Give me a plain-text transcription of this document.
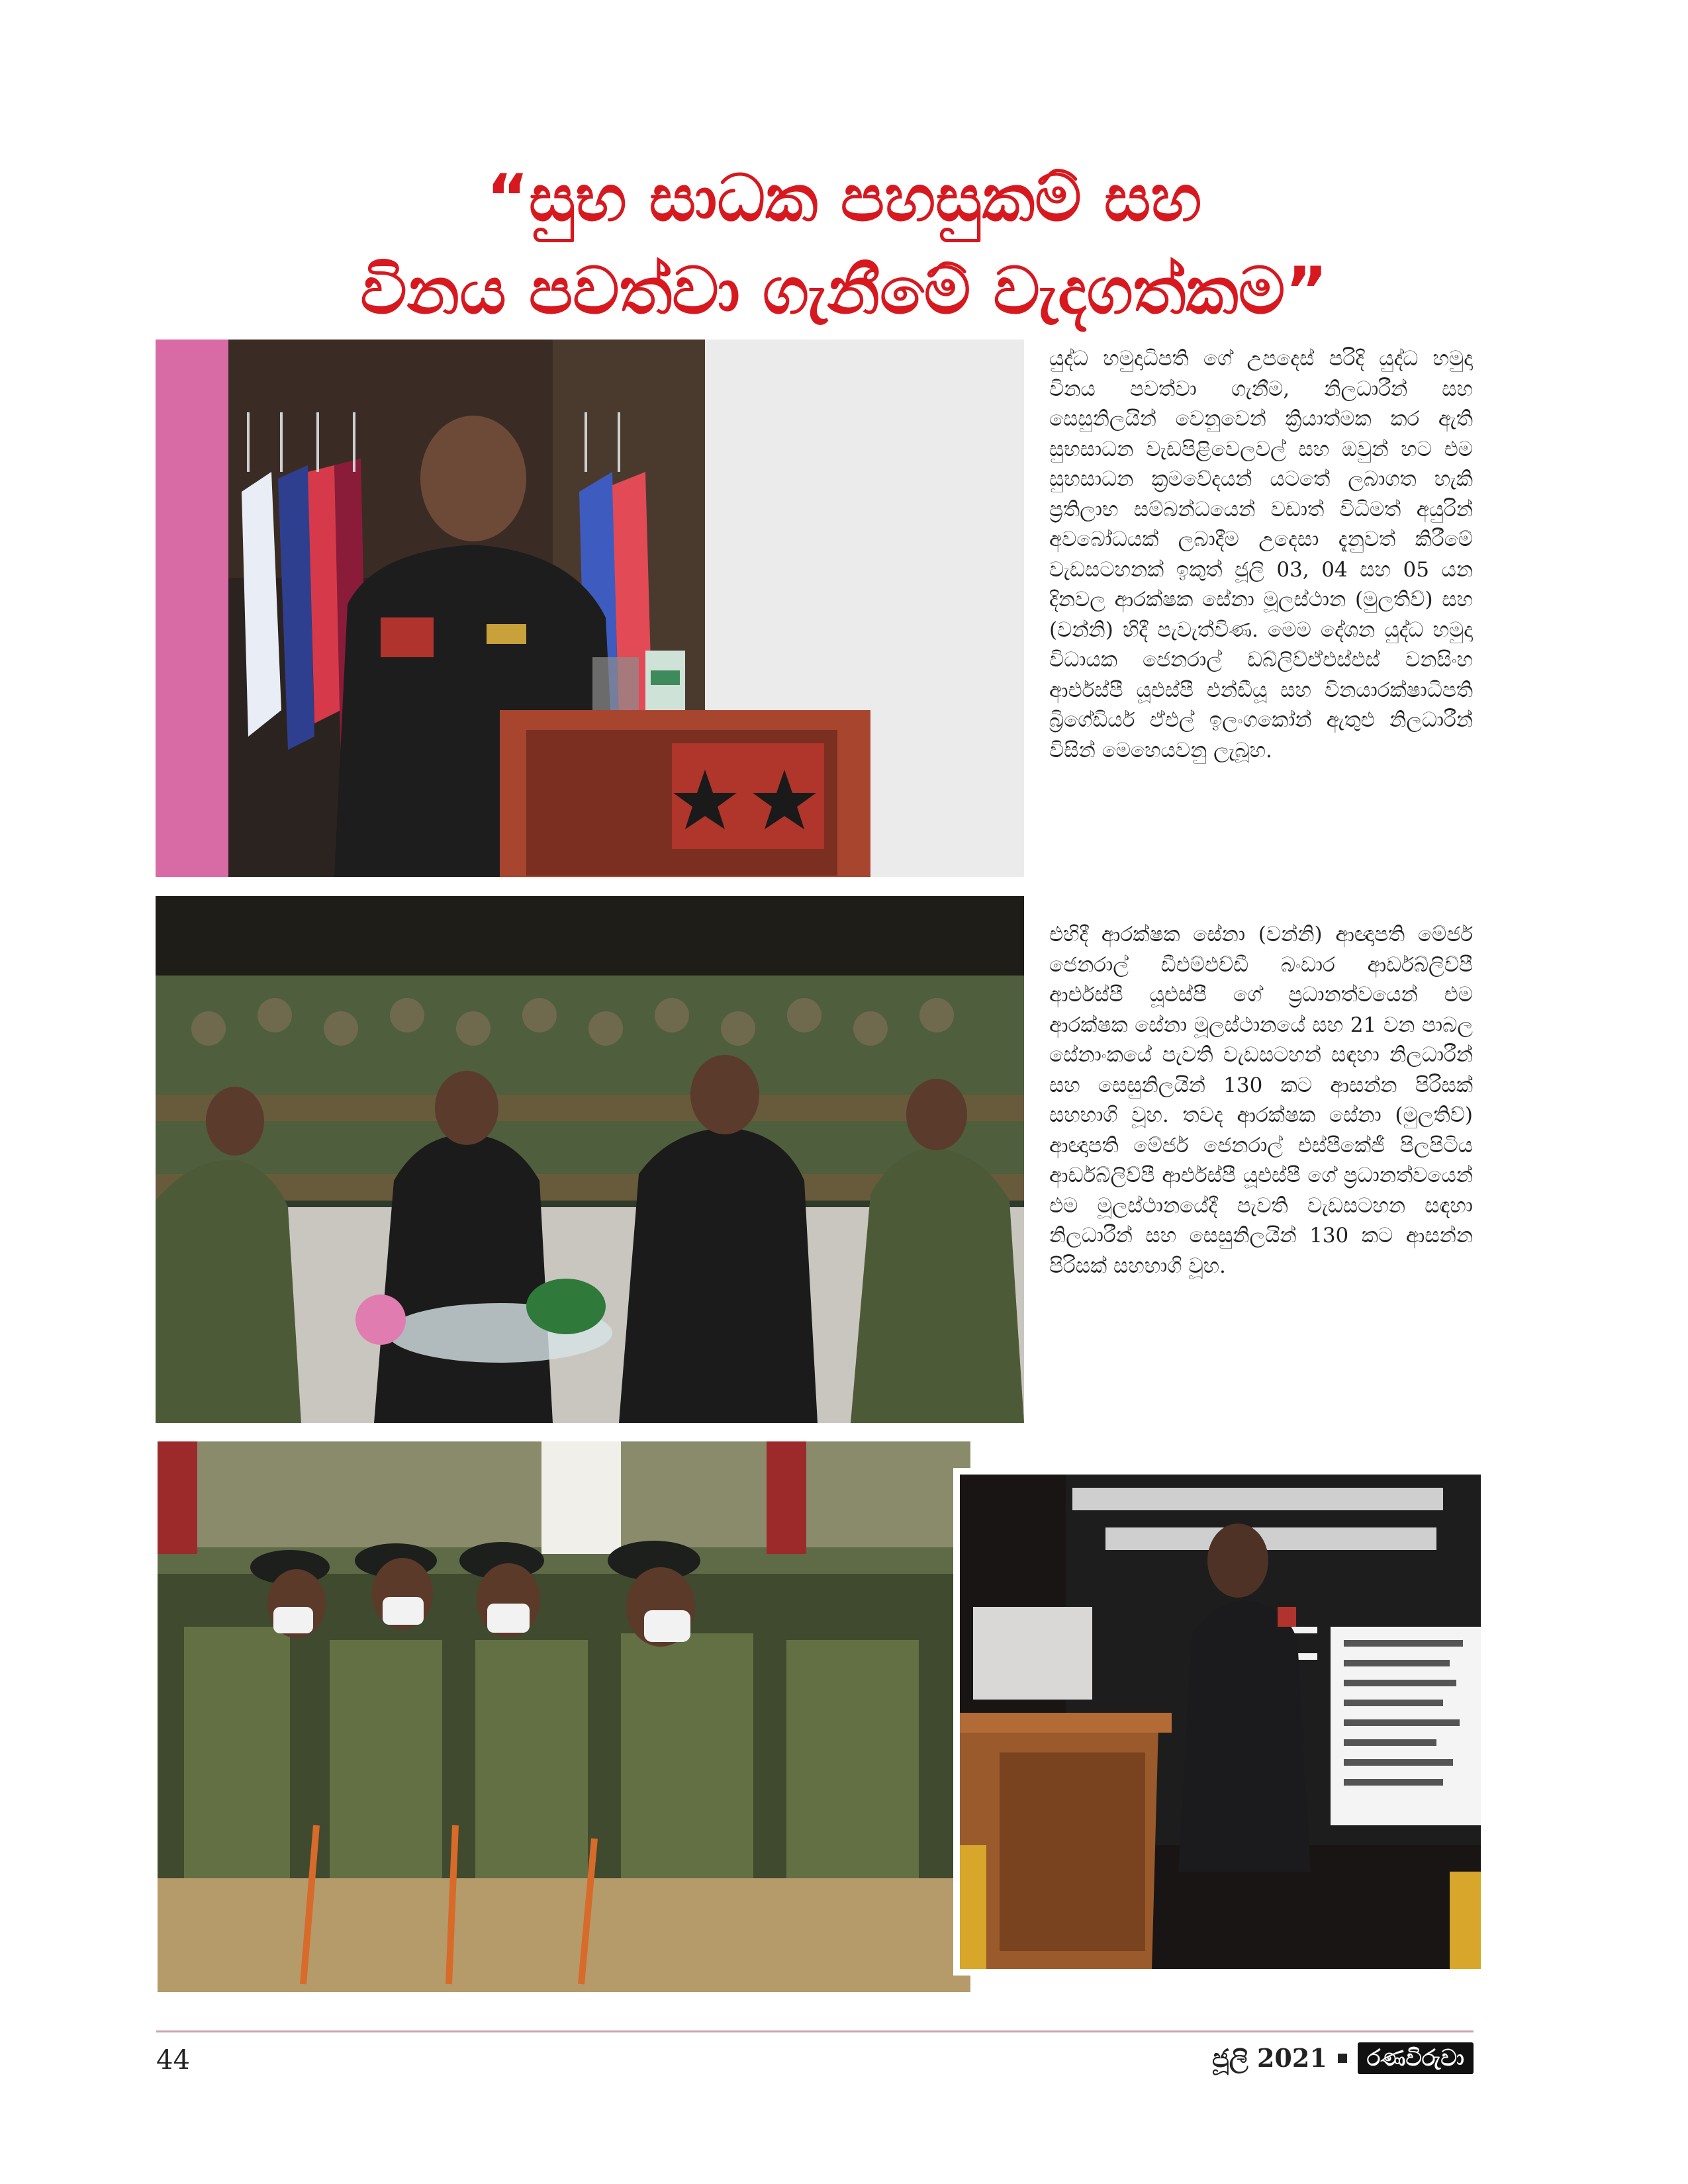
“සුභ සාධක පහසුකම් සහ
විනය පවත්වා ගැනීමේ වැදගත්කම”
යුද්ධ හමුදාධිපති ගේ උපදෙස් පරිදි යුද්ධ හමුදා විනය පවත්වා ගැනීම, නිලධාරීන් සහ සෙසුනිලයින් වෙනුවෙන් ක්‍රියාත්මක කර ඇති සුභසාධන වැඩපිළිවෙලවල් සහ ඔවුන් හට එම සුභසාධන ක්‍රමවේදයන් යටතේ ලබාගත හැකි ප්‍රතිලාභ සම්බන්ධයෙන් වඩාත් විධිමත් අයුරින් අවබෝධයක් ලබාදීම උදෙසා දැනුවත් කිරීමේ වැඩසටහනක් ඉකුත් ජූලි 03, 04 සහ 05 යන දිනවල ආරක්ෂක සේනා මූලස්ථාන (මුලතිව්) සහ (වන්නි) හිදී පැවැත්විණ. මෙම දේශන යුද්ධ හමුදා විධායක ජෙනරාල් ඩබ්ලිව්ඒඑස්එස් වනසිංහ ආර්එස්පී යූඑස්පී එන්ඩීයූ සහ විනයාරක්ෂාධිපති බ්‍රිගේඩියර් ඒඑල් ඉලංගකෝන් ඇතුළු නිලධාරීන් විසින් මෙහෙයවනු ලැබූහ.
එහිදී ආරක්ෂක සේනා (වන්නි) ආඥාපති මේජර් ජෙනරාල් ඩීඑම්එච්ඩී බංඩාර ආර්ඩබ්ලිව්පී ආර්එස්පී යූඑස්පී ගේ ප්‍රධානත්වයෙන් එම ආරක්ෂක සේනා මූලස්ථානයේ සහ 21 වන පාබල සේනාංකයේ පැවති වැඩසටහන් සඳහා නිලධාරීන් සහ සෙසුනිලයින් 130 කට ආසන්න පිරිසක් සහභාගි වූහ. තවද ආරක්ෂක සේනා (මුලතිව්) ආඥාපති මේජර් ජෙනරාල් එස්පීකේජී පිලපිටිය ආර්ඩබ්ලිව්පී ආර්එස්පී යූඑස්පී ගේ ප්‍රධානත්වයෙන් එම මූලස්ථානයේදී පැවති වැඩසටහන සඳහා නිලධාරීන් සහ සෙසුනිලයින් 130 කට ආසන්න පිරිසක් සහභාගි වූහ.
44	ජූලි 2021	රණවිරුවා
